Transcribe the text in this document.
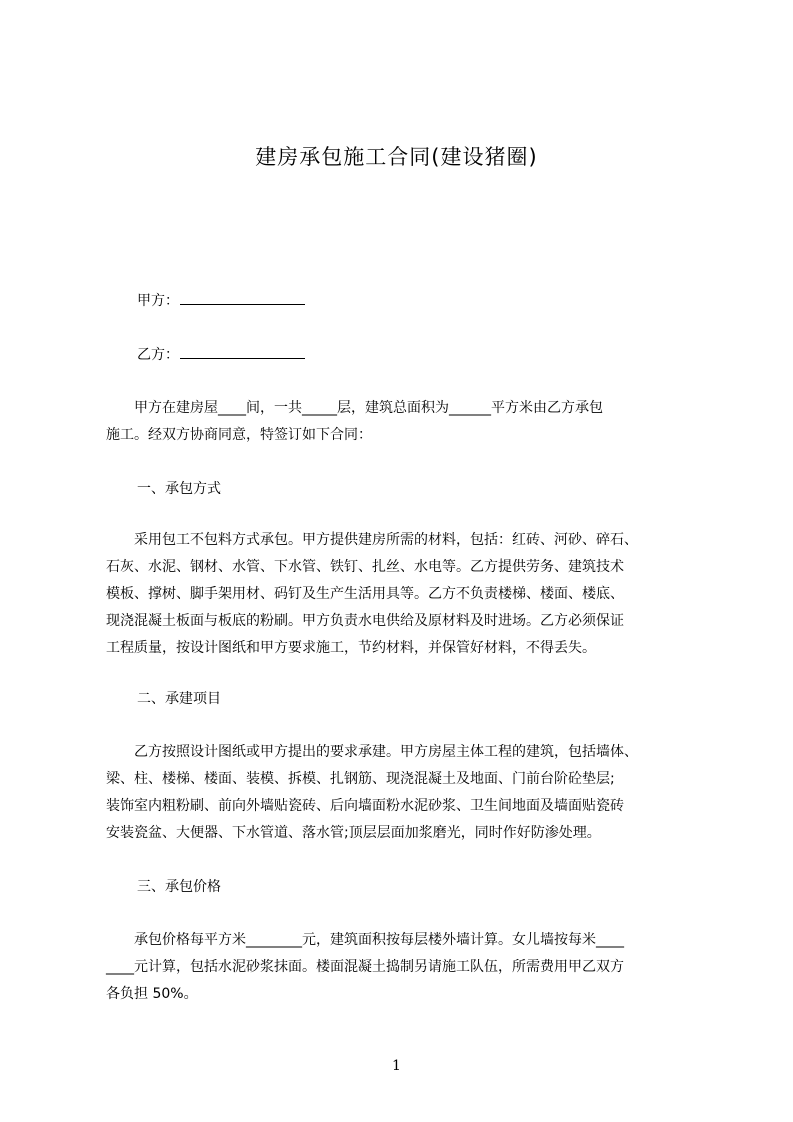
建房承包施工合同(建设猪圈)
甲方：
乙方：
　　甲方在建房屋____间，一共_____层，建筑总面积为______平方米由乙方承包
施工。经双方协商同意，特签订如下合同：
一、承包方式
　　采用包工不包料方式承包。甲方提供建房所需的材料，包括：红砖、河砂、碎石、
石灰、水泥、钢材、水管、下水管、铁钉、扎丝、水电等。乙方提供劳务、建筑技术
模板、撑树、脚手架用材、码钉及生产生活用具等。乙方不负责楼梯、楼面、楼底、
现浇混凝土板面与板底的粉刷。甲方负责水电供给及原材料及时进场。乙方必须保证
工程质量，按设计图纸和甲方要求施工，节约材料，并保管好材料，不得丢失。
二、承建项目
　　乙方按照设计图纸或甲方提出的要求承建。甲方房屋主体工程的建筑，包括墙体、
梁、柱、楼梯、楼面、装模、拆模、扎钢筋、现浇混凝土及地面、门前台阶砼垫层;
装饰室内粗粉刷、前向外墙贴瓷砖、后向墙面粉水泥砂浆、卫生间地面及墙面贴瓷砖
安装瓷盆、大便器、下水管道、落水管;顶层层面加浆磨光，同时作好防渗处理。
三、承包价格
　　承包价格每平方米________元，建筑面积按每层楼外墙计算。女儿墙按每米____
____元计算，包括水泥砂浆抹面。楼面混凝土捣制另请施工队伍，所需费用甲乙双方
各负担 50%。
1
